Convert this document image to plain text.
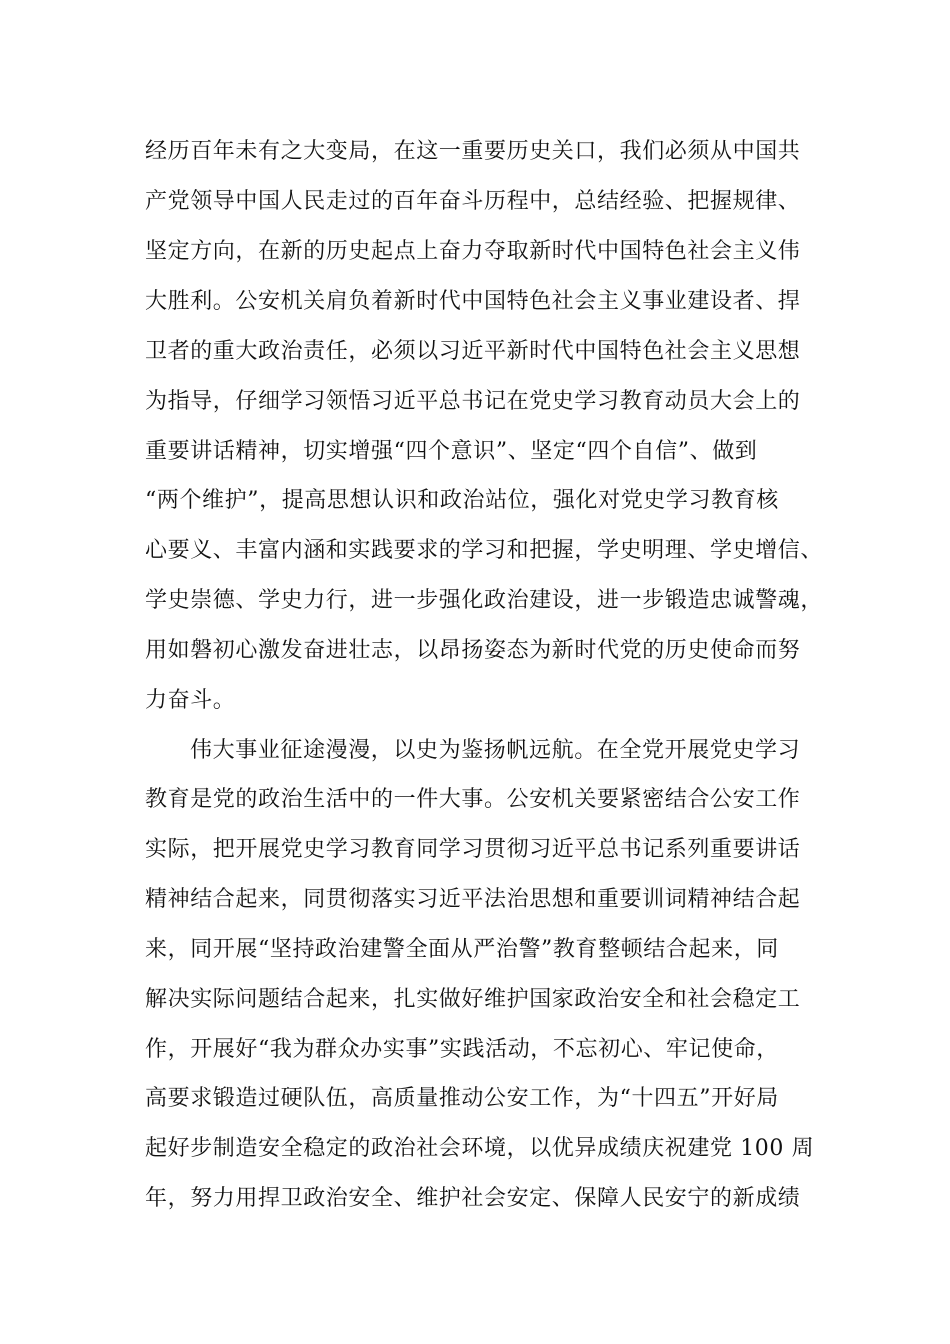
经历百年未有之大变局，在这一重要历史关口，我们必须从中国共

产党领导中国人民走过的百年奋斗历程中，总结经验、把握规律、

坚定方向，在新的历史起点上奋力夺取新时代中国特色社会主义伟

大胜利。公安机关肩负着新时代中国特色社会主义事业建设者、捍

卫者的重大政治责任，必须以习近平新时代中国特色社会主义思想

为指导，仔细学习领悟习近平总书记在党史学习教育动员大会上的

重要讲话精神，切实增强“四个意识”、坚定“四个自信”、做到

“两个维护”，提高思想认识和政治站位，强化对党史学习教育核

心要义、丰富内涵和实践要求的学习和把握，学史明理、学史增信、

学史崇德、学史力行，进一步强化政治建设，进一步锻造忠诚警魂，

用如磐初心激发奋进壮志，以昂扬姿态为新时代党的历史使命而努

力奋斗。

伟大事业征途漫漫，以史为鉴扬帆远航。在全党开展党史学习

教育是党的政治生活中的一件大事。公安机关要紧密结合公安工作

实际，把开展党史学习教育同学习贯彻习近平总书记系列重要讲话

精神结合起来，同贯彻落实习近平法治思想和重要训词精神结合起

来，同开展“坚持政治建警全面从严治警”教育整顿结合起来，同

解决实际问题结合起来，扎实做好维护国家政治安全和社会稳定工

作，开展好“我为群众办实事”实践活动，不忘初心、牢记使命，

高要求锻造过硬队伍，高质量推动公安工作，为“十四五”开好局

起好步制造安全稳定的政治社会环境，以优异成绩庆祝建党 100 周

年，努力用捍卫政治安全、维护社会安定、保障人民安宁的新成绩
